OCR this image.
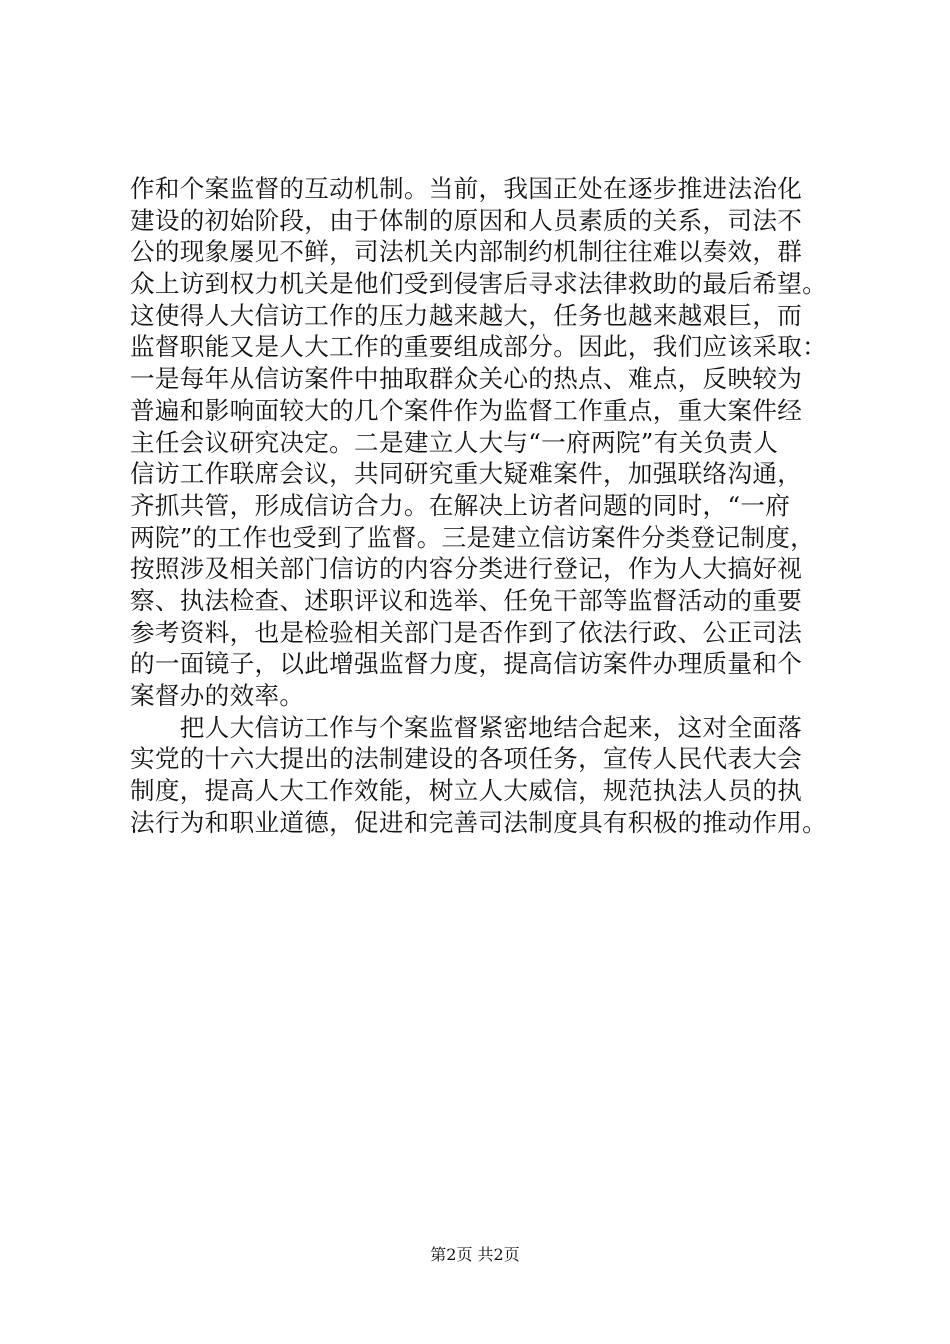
作和个案监督的互动机制。当前，我国正处在逐步推进法治化
建设的初始阶段，由于体制的原因和人员素质的关系，司法不
公的现象屡见不鲜，司法机关内部制约机制往往难以奏效，群
众上访到权力机关是他们受到侵害后寻求法律救助的最后希望。
这使得人大信访工作的压力越来越大，任务也越来越艰巨，而
监督职能又是人大工作的重要组成部分。因此，我们应该采取：
一是每年从信访案件中抽取群众关心的热点、难点，反映较为
普遍和影响面较大的几个案件作为监督工作重点，重大案件经
主任会议研究决定。二是建立人大与“一府两院”有关负责人
信访工作联席会议，共同研究重大疑难案件，加强联络沟通，
齐抓共管，形成信访合力。在解决上访者问题的同时，“一府
两院”的工作也受到了监督。三是建立信访案件分类登记制度，
按照涉及相关部门信访的内容分类进行登记，作为人大搞好视
察、执法检查、述职评议和选举、任免干部等监督活动的重要
参考资料，也是检验相关部门是否作到了依法行政、公正司法
的一面镜子，以此增强监督力度，提高信访案件办理质量和个
案督办的效率。
　　把人大信访工作与个案监督紧密地结合起来，这对全面落
实党的十六大提出的法制建设的各项任务，宣传人民代表大会
制度，提高人大工作效能，树立人大威信，规范执法人员的执
法行为和职业道德，促进和完善司法制度具有积极的推动作用。
第2页 共2页
